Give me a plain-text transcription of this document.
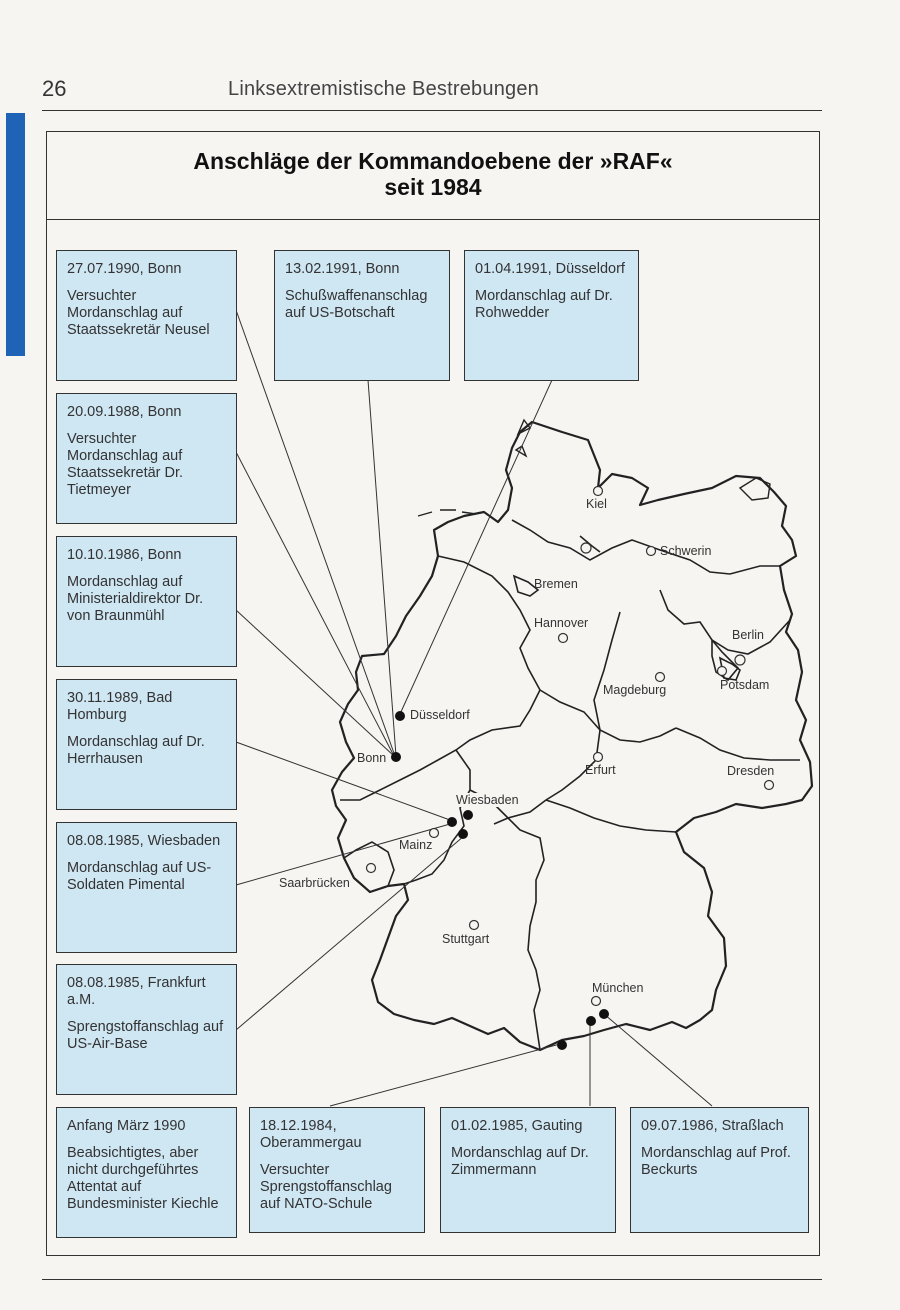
26	Linksextremistische Bestrebungen
Anschläge der Kommandoebene der »RAF«
seit 1984
Kiel
Schwerin
Bremen
Hannover
Berlin
Potsdam
Magdeburg
Düsseldorf
Bonn
Erfurt	Dresden
Wiesbaden
Mainz
Saarbrücken
Stuttgart
München
27.07.1990, Bonn
Versuchter Mordanschlag auf Staatssekretär Neusel
13.02.1991, Bonn
Schußwaffenanschlag auf US-Botschaft
01.04.1991, Düsseldorf
Mordanschlag auf Dr. Rohwedder
20.09.1988, Bonn
Versuchter Mordanschlag auf Staatssekretär Dr. Tietmeyer
10.10.1986, Bonn
Mordanschlag auf Ministerialdirektor Dr. von Braunmühl
30.11.1989, Bad Homburg
Mordanschlag auf Dr. Herrhausen
08.08.1985, Wiesbaden
Mordanschlag auf US-Soldaten Pimental
08.08.1985, Frankfurt a.M.
Sprengstoffanschlag auf US-Air-Base
Anfang März 1990
Beabsichtigtes, aber nicht durchgeführtes Attentat auf Bundesminister Kiechle
18.12.1984, Oberammergau
Versuchter Sprengstoffanschlag auf NATO-Schule
01.02.1985, Gauting
Mordanschlag auf Dr. Zimmermann
09.07.1986, Straßlach
Mordanschlag auf Prof. Beckurts
